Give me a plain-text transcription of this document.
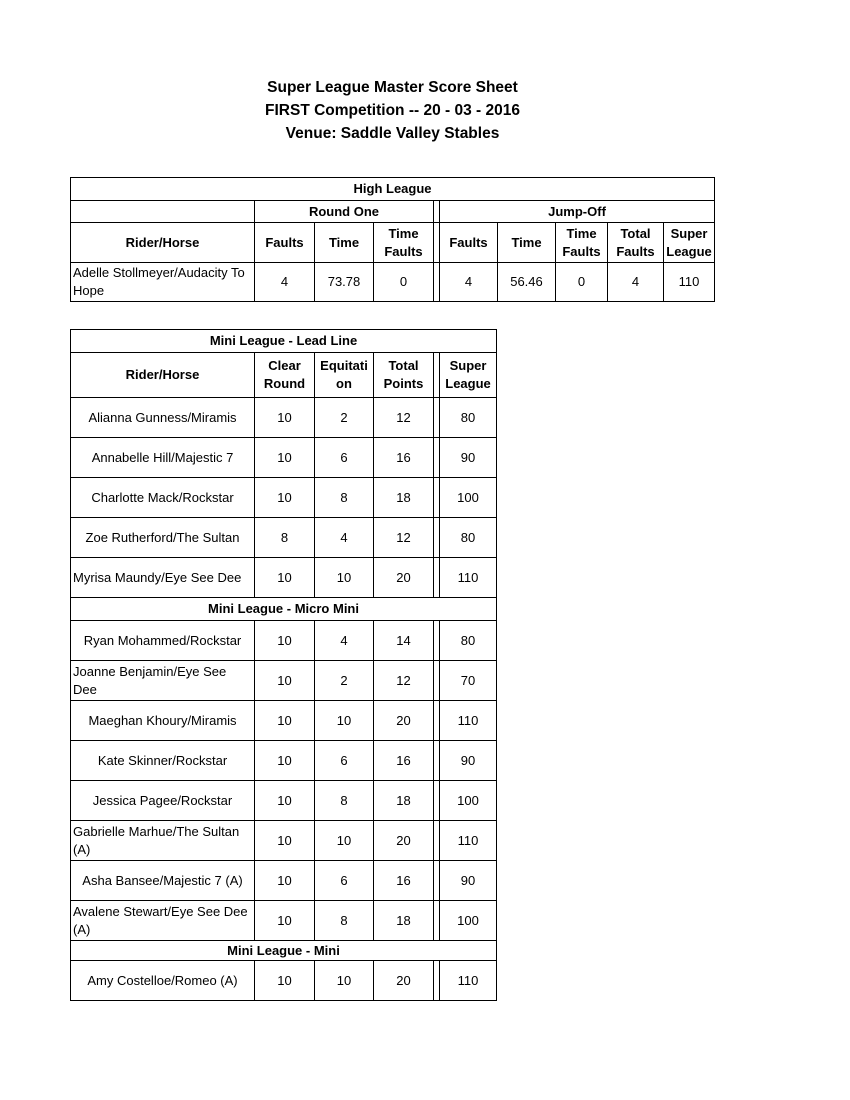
Super League Master Score Sheet
FIRST Competition -- 20 - 03 - 2016
Venue: Saddle Valley Stables
High League									
	Round One				Jump-Off				
Rider/Horse	Faults	Time	Time Faults		Faults	Time	Time Faults	Total Faults	Super League
Adelle Stollmeyer/Audacity To Hope	4	73.78	0		4	56.46	0	4	110
Mini League - Lead Line					
Rider/Horse	Clear Round	Equitati on	Total Points		Super League
Alianna Gunness/Miramis	10	2	12		80
Annabelle Hill/Majestic 7	10	6	16		90
Charlotte Mack/Rockstar	10	8	18		100
Zoe Rutherford/The Sultan	8	4	12		80
Myrisa Maundy/Eye See Dee	10	10	20		110
Mini League - Micro Mini					
Ryan Mohammed/Rockstar	10	4	14		80
Joanne Benjamin/Eye See Dee	10	2	12		70
Maeghan Khoury/Miramis	10	10	20		110
Kate Skinner/Rockstar	10	6	16		90
Jessica Pagee/Rockstar	10	8	18		100
Gabrielle Marhue/The Sultan (A)	10	10	20		110
Asha Bansee/Majestic 7 (A)	10	6	16		90
Avalene Stewart/Eye See Dee (A)	10	8	18		100
Mini League - Mini					
Amy Costelloe/Romeo (A)	10	10	20		110
